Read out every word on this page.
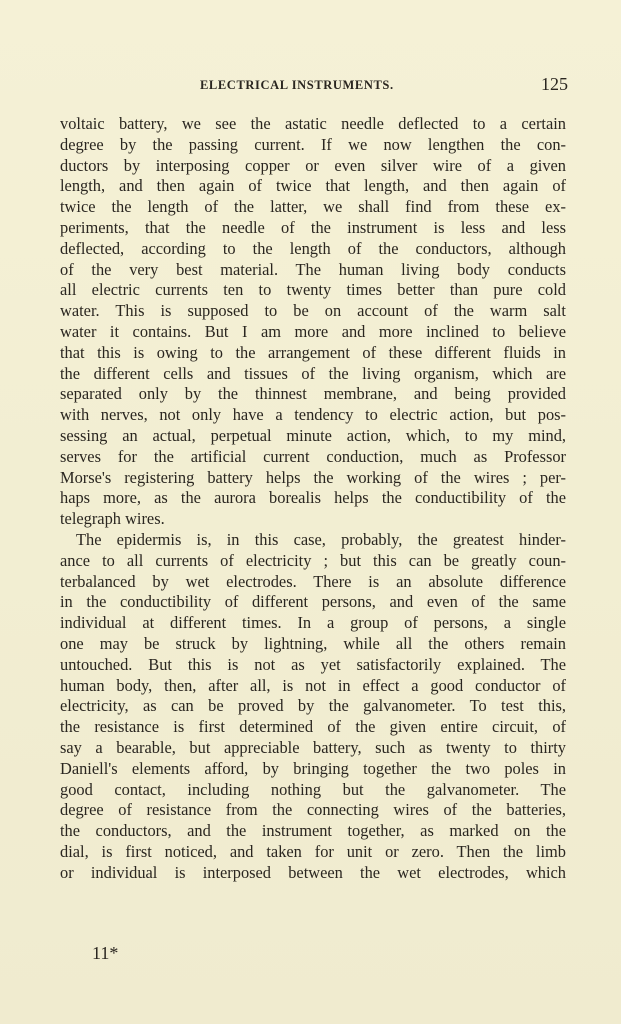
ELECTRICAL INSTRUMENTS.	125
voltaic battery, we see the astatic needle deflected to a certain
degree by the passing current. If we now lengthen the con-
ductors by interposing copper or even silver wire of a given
length, and then again of twice that length, and then again of
twice the length of the latter, we shall find from these ex-
periments, that the needle of the instrument is less and less
deflected, according to the length of the conductors, although
of the very best material. The human living body conducts
all electric currents ten to twenty times better than pure cold
water. This is supposed to be on account of the warm salt
water it contains. But I am more and more inclined to believe
that this is owing to the arrangement of these different fluids in
the different cells and tissues of the living organism, which are
separated only by the thinnest membrane, and being provided
with nerves, not only have a tendency to electric action, but pos-
sessing an actual, perpetual minute action, which, to my mind,
serves for the artificial current conduction, much as Professor
Morse's registering battery helps the working of the wires ; per-
haps more, as the aurora borealis helps the conductibility of the
telegraph wires.
The epidermis is, in this case, probably, the greatest hinder-
ance to all currents of electricity ; but this can be greatly coun-
terbalanced by wet electrodes. There is an absolute difference
in the conductibility of different persons, and even of the same
individual at different times. In a group of persons, a single
one may be struck by lightning, while all the others remain
untouched. But this is not as yet satisfactorily explained. The
human body, then, after all, is not in effect a good conductor of
electricity, as can be proved by the galvanometer. To test this,
the resistance is first determined of the given entire circuit, of
say a bearable, but appreciable battery, such as twenty to thirty
Daniell's elements afford, by bringing together the two poles in
good contact, including nothing but the galvanometer. The
degree of resistance from the connecting wires of the batteries,
the conductors, and the instrument together, as marked on the
dial, is first noticed, and taken for unit or zero. Then the limb
or individual is interposed between the wet electrodes, which
11*
